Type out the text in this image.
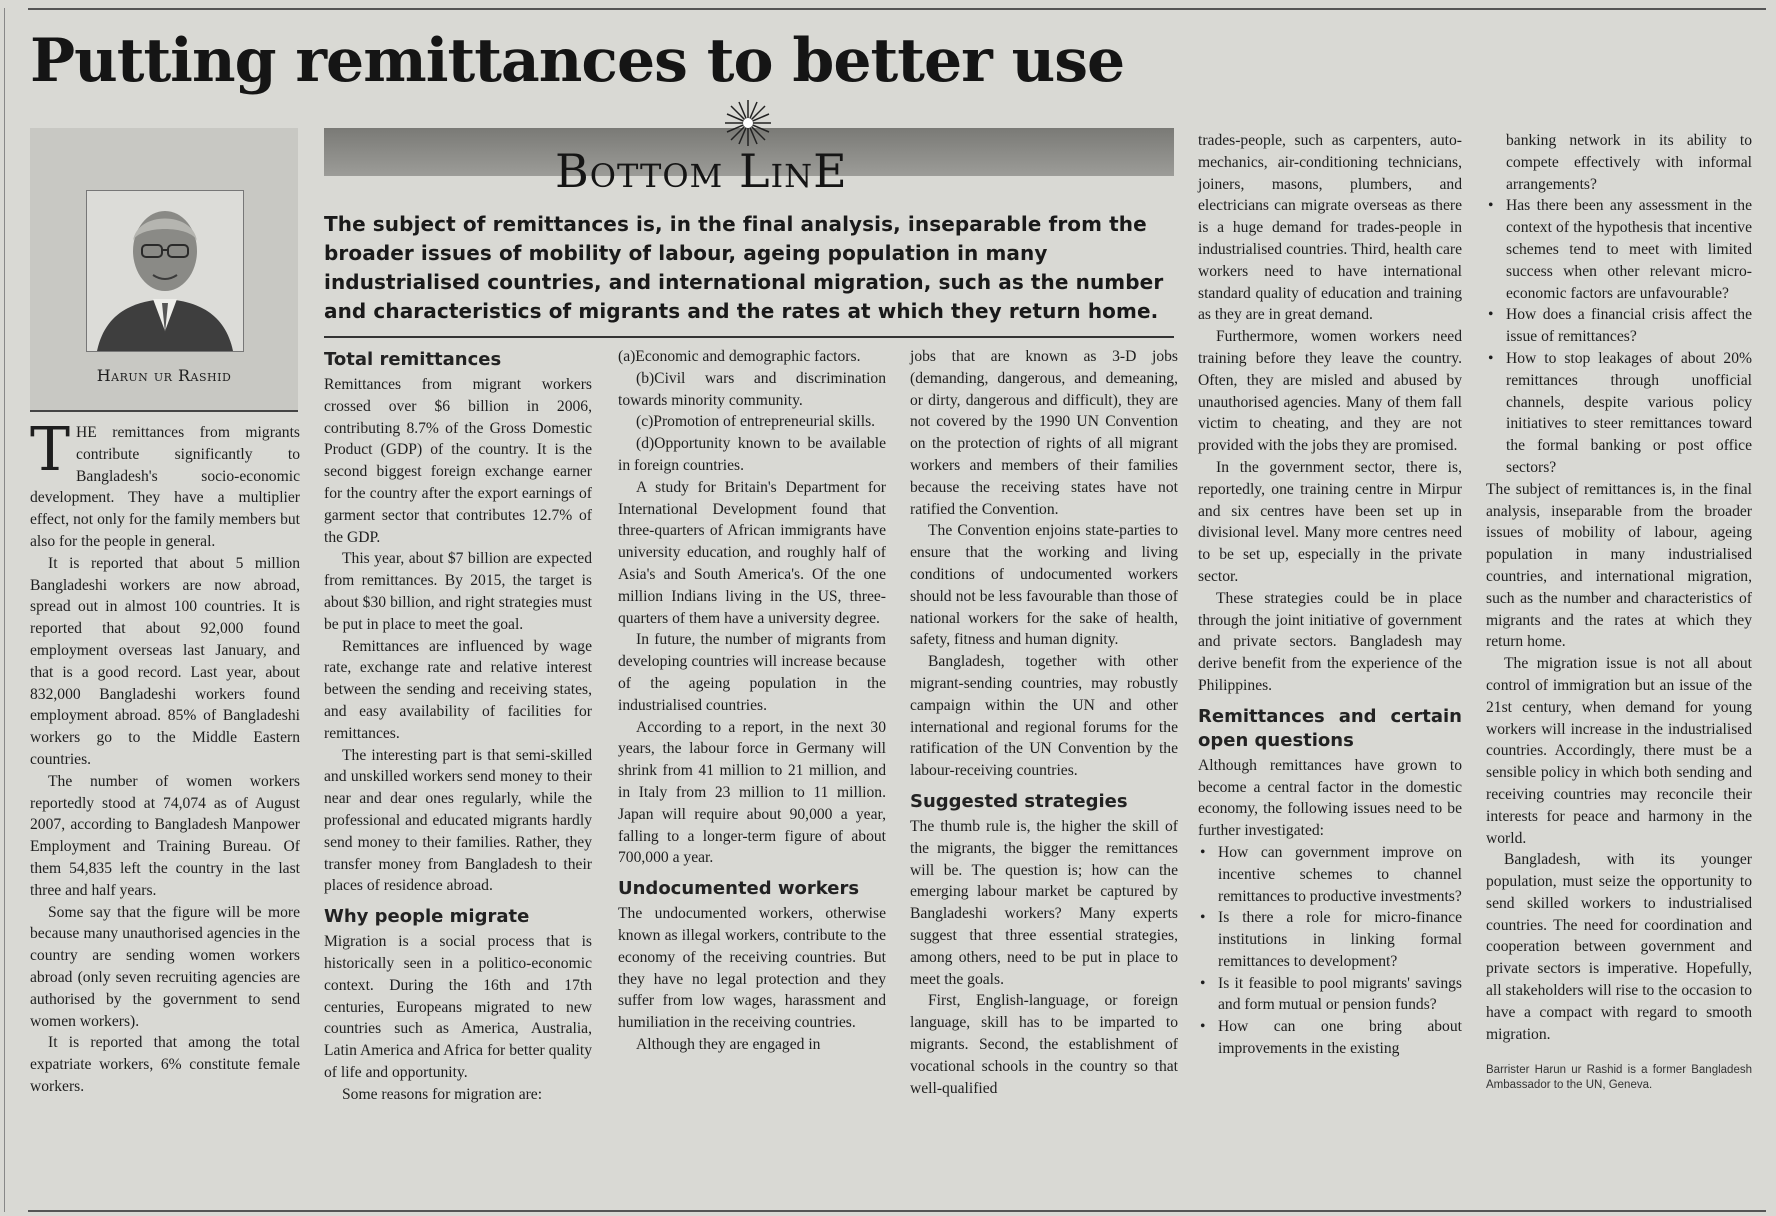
Putting remittances to better use
Harun ur Rashid
Bottom LinE
The subject of remittances is, in the final analysis, inseparable from the broader issues of mobility of labour, ageing population in many industrialised countries, and international migration, such as the number and characteristics of migrants and the rates at which they return home.

T HE remittances from migrants contribute significantly to Bangladesh's socio-economic development. They have a multiplier effect, not only for the family members but also for the people in general.

It is reported that about 5 million Bangladeshi workers are now abroad, spread out in almost 100 countries. It is reported that about 92,000 found employment overseas last January, and that is a good record. Last year, about 832,000 Bangladeshi workers found employment abroad. 85% of Bangladeshi workers go to the Middle Eastern countries.

The number of women workers reportedly stood at 74,074 as of August 2007, according to Bangladesh Manpower Employment and Training Bureau. Of them 54,835 left the country in the last three and half years.

Some say that the figure will be more because many unauthorised agencies in the country are sending women workers abroad (only seven recruiting agencies are authorised by the government to send women workers).

It is reported that among the total expatriate workers, 6% constitute female workers.

Total remittances

Remittances from migrant workers crossed over $6 billion in 2006, contributing 8.7% of the Gross Domestic Product (GDP) of the country. It is the second biggest foreign exchange earner for the country after the export earnings of garment sector that contributes 12.7% of the GDP.

This year, about $7 billion are expected from remittances. By 2015, the target is about $30 billion, and right strategies must be put in place to meet the goal.

Remittances are influenced by wage rate, exchange rate and relative interest between the sending and receiving states, and easy availability of facilities for remittances.

The interesting part is that semi-skilled and unskilled workers send money to their near and dear ones regularly, while the professional and educated migrants hardly send money to their families. Rather, they transfer money from Bangladesh to their places of residence abroad.

Why people migrate

Migration is a social process that is historically seen in a politico-economic context. During the 16th and 17th centuries, Europeans migrated to new countries such as America, Australia, Latin America and Africa for better quality of life and opportunity.

Some reasons for migration are:

(a)Economic and demographic factors.

(b)Civil wars and discrimination towards minority community.

(c)Promotion of entrepreneurial skills.

(d)Opportunity known to be available in foreign countries.

A study for Britain's Department for International Development found that three-quarters of African immigrants have university education, and roughly half of Asia's and South America's. Of the one million Indians living in the US, three-quarters of them have a university degree.

In future, the number of migrants from developing countries will increase because of the ageing population in the industrialised countries.

According to a report, in the next 30 years, the labour force in Germany will shrink from 41 million to 21 million, and in Italy from 23 million to 11 million. Japan will require about 90,000 a year, falling to a longer-term figure of about 700,000 a year.

Undocumented workers

The undocumented workers, otherwise known as illegal workers, contribute to the economy of the receiving countries. But they have no legal protection and they suffer from low wages, harassment and humiliation in the receiving countries.

Although they are engaged in

jobs that are known as 3-D jobs (demanding, dangerous, and demeaning, or dirty, dangerous and difficult), they are not covered by the 1990 UN Convention on the protection of rights of all migrant workers and members of their families because the receiving states have not ratified the Convention.

The Convention enjoins state-parties to ensure that the working and living conditions of undocumented workers should not be less favourable than those of national workers for the sake of health, safety, fitness and human dignity.

Bangladesh, together with other migrant-sending countries, may robustly campaign within the UN and other international and regional forums for the ratification of the UN Convention by the labour-receiving countries.

Suggested strategies

The thumb rule is, the higher the skill of the migrants, the bigger the remittances will be. The question is; how can the emerging labour market be captured by Bangladeshi workers? Many experts suggest that three essential strategies, among others, need to be put in place to meet the goals.

First, English-language, or foreign language, skill has to be imparted to migrants. Second, the establishment of vocational schools in the country so that well-qualified

trades-people, such as carpenters, auto-mechanics, air-conditioning technicians, joiners, masons, plumbers, and electricians can migrate overseas as there is a huge demand for trades-people in industrialised countries. Third, health care workers need to have international standard quality of education and training as they are in great demand.

Furthermore, women workers need training before they leave the country. Often, they are misled and abused by unauthorised agencies. Many of them fall victim to cheating, and they are not provided with the jobs they are promised.

In the government sector, there is, reportedly, one training centre in Mirpur and six centres have been set up in divisional level. Many more centres need to be set up, especially in the private sector.

These strategies could be in place through the joint initiative of government and private sectors. Bangladesh may derive benefit from the experience of the Philippines.

Remittances and certain open questions

Although remittances have grown to become a central factor in the domestic economy, the following issues need to be further investigated:

• How can government improve on incentive schemes to channel remittances to productive investments?
• Is there a role for micro-finance institutions in linking formal remittances to development?
• Is it feasible to pool migrants' savings and form mutual or pension funds?
• How can one bring about improvements in the existing

banking network in its ability to compete effectively with informal arrangements?

• Has there been any assessment in the context of the hypothesis that incentive schemes tend to meet with limited success when other relevant micro-economic factors are unfavourable?
• How does a financial crisis affect the issue of remittances?
• How to stop leakages of about 20% remittances through unofficial channels, despite various policy initiatives to steer remittances toward the formal banking or post office sectors?

The subject of remittances is, in the final analysis, inseparable from the broader issues of mobility of labour, ageing population in many industrialised countries, and international migration, such as the number and characteristics of migrants and the rates at which they return home.

The migration issue is not all about control of immigration but an issue of the 21st century, when demand for young workers will increase in the industrialised countries. Accordingly, there must be a sensible policy in which both sending and receiving countries may reconcile their interests for peace and harmony in the world.

Bangladesh, with its younger population, must seize the opportunity to send skilled workers to industrialised countries. The need for coordination and cooperation between government and private sectors is imperative. Hopefully, all stakeholders will rise to the occasion to have a compact with regard to smooth migration.

Barrister Harun ur Rashid is a former Bangladesh Ambassador to the UN, Geneva.
